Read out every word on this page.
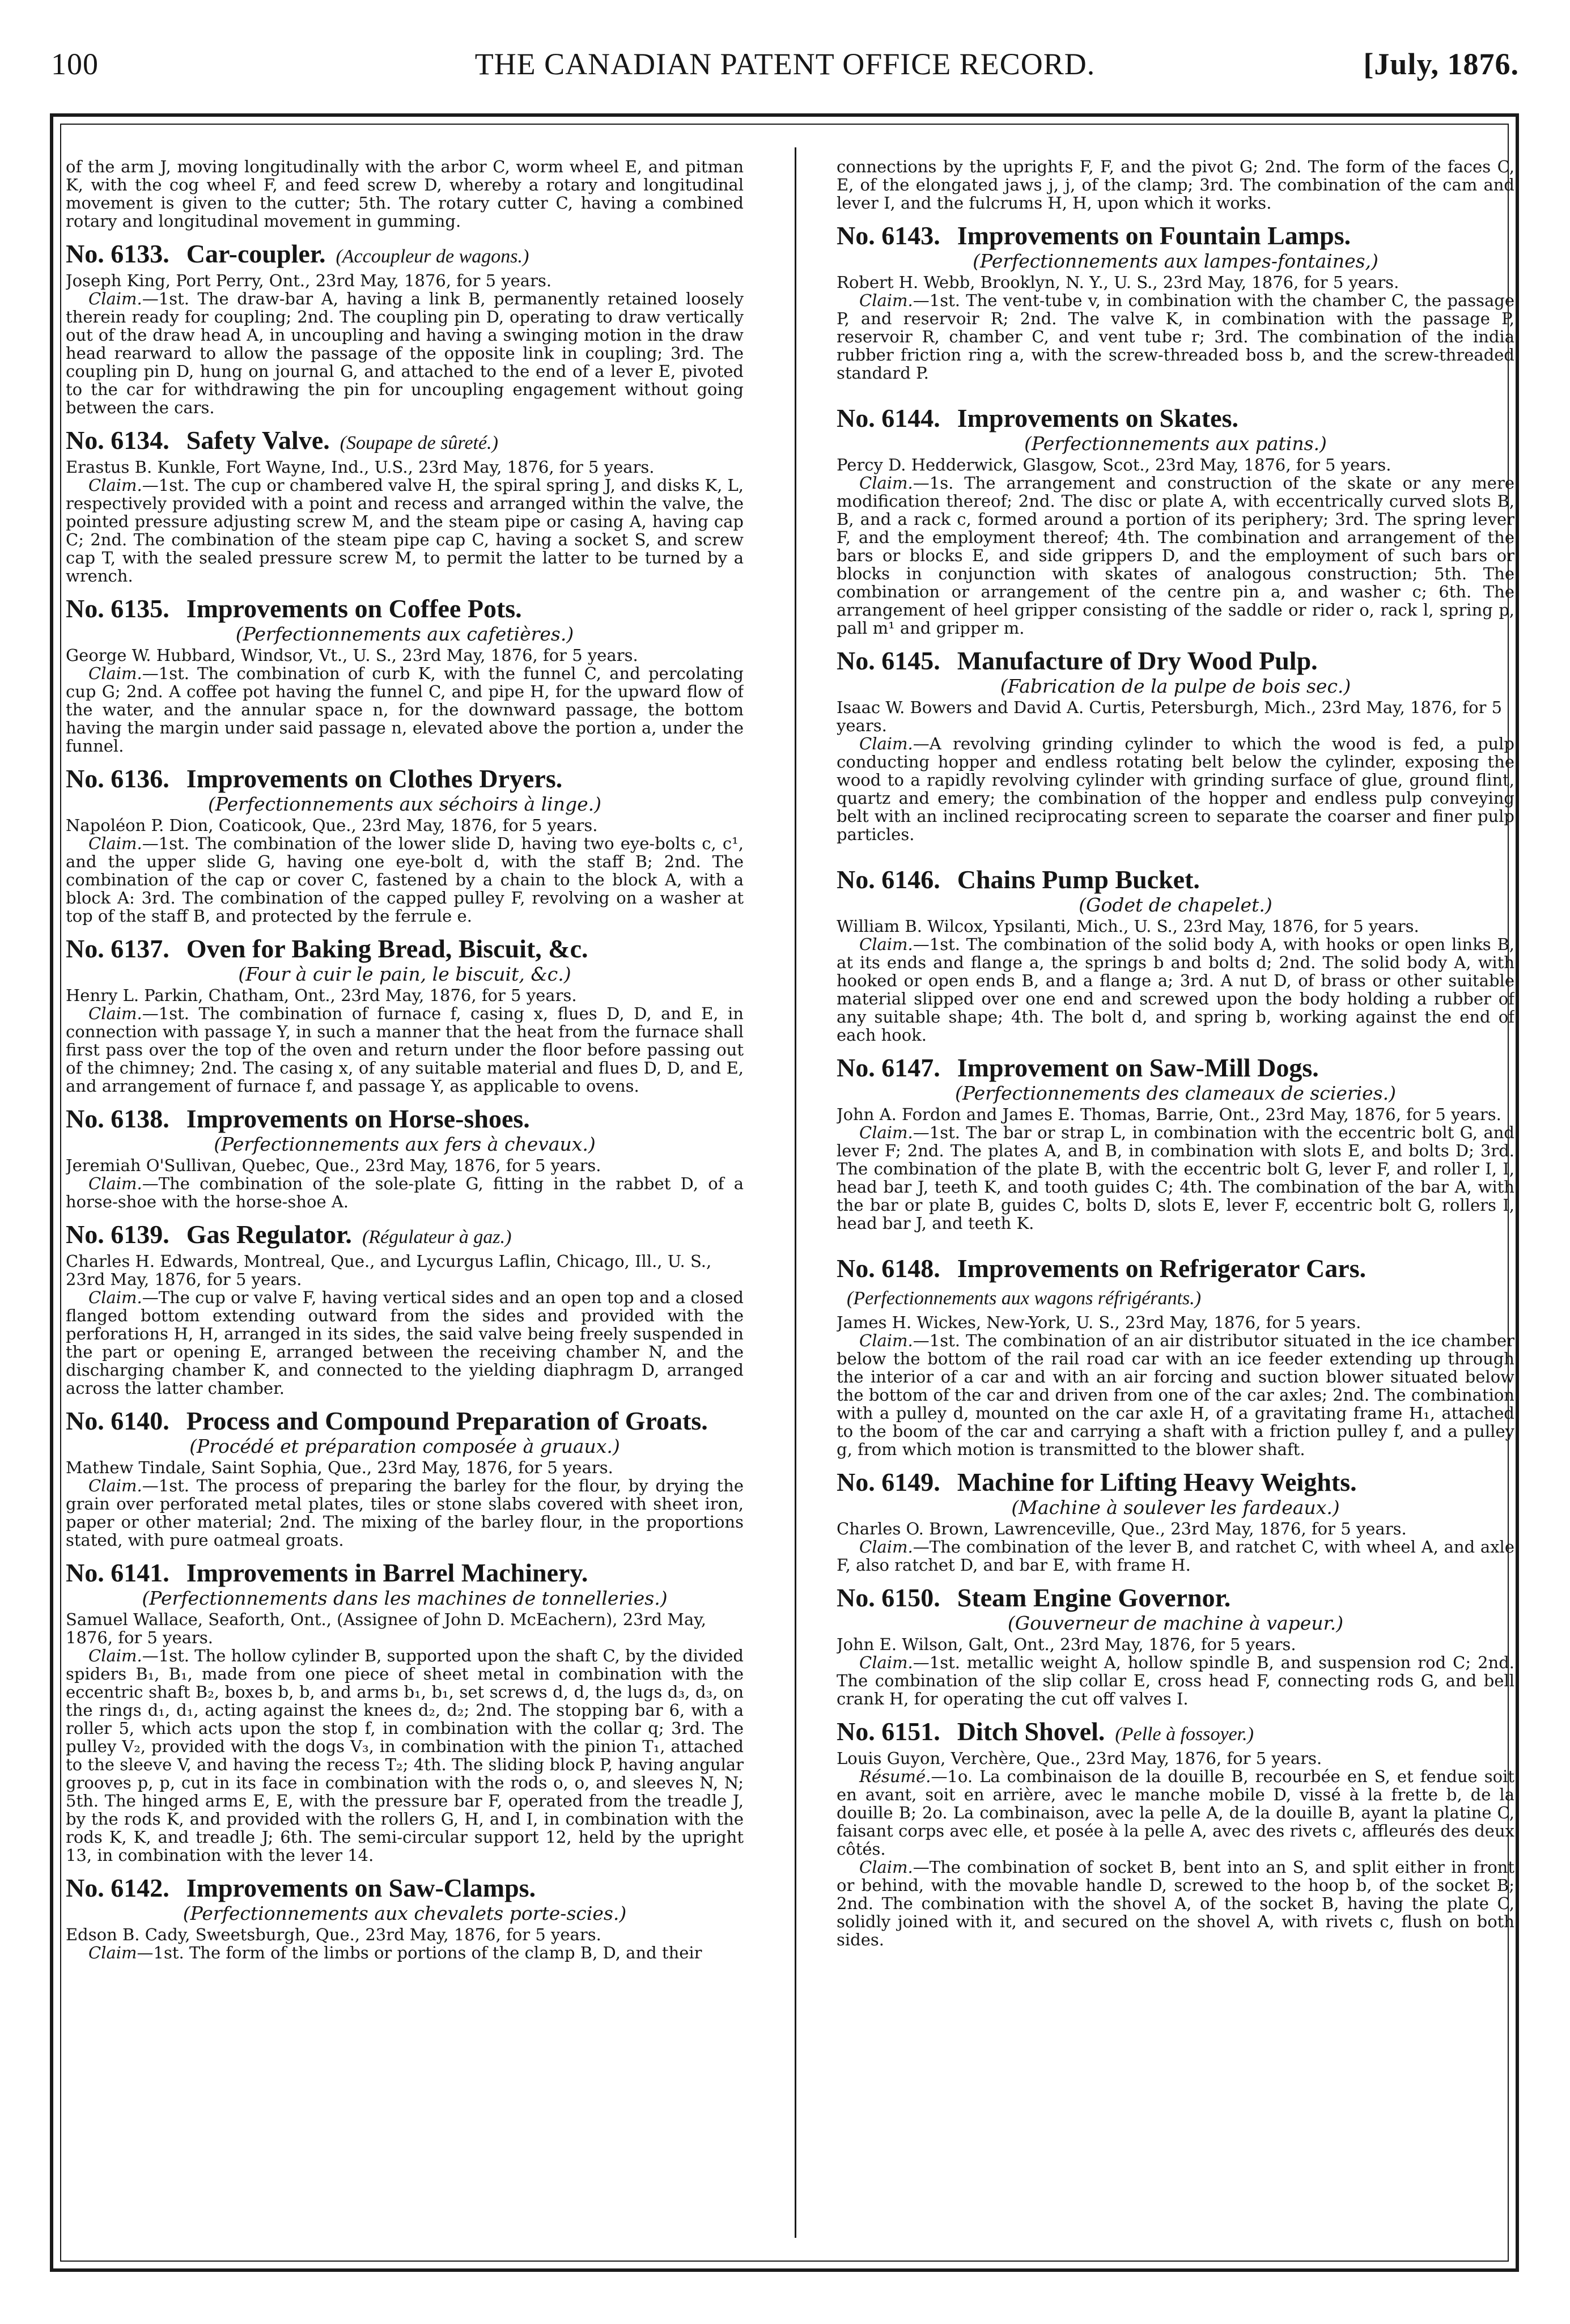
100	THE CANADIAN PATENT OFFICE RECORD.	[July, 1876.

of the arm J, moving longitudinally with the arbor C, worm wheel E, and pitman K, with the cog wheel F, and feed screw D, whereby a rotary and longitudinal movement is given to the cutter; 5th. The rotary cutter C, having a combined rotary and longitudinal movement in gumming.

No. 6133. Car-coupler. (Accoupleur de wagons.)

Joseph King, Port Perry, Ont., 23rd May, 1876, for 5 years.

Claim.—1st. The draw-bar A, having a link B, permanently retained loosely therein ready for coupling; 2nd. The coupling pin D, operating to draw vertically out of the draw head A, in uncoupling and having a swinging motion in the draw head rearward to allow the passage of the opposite link in coupling; 3rd. The coupling pin D, hung on journal G, and attached to the end of a lever E, pivoted to the car for withdrawing the pin for uncoupling engagement without going between the cars.

No. 6134. Safety Valve. (Soupape de sûreté.)

Erastus B. Kunkle, Fort Wayne, Ind., U.S., 23rd May, 1876, for 5 years.

Claim.—1st. The cup or chambered valve H, the spiral spring J, and disks K, L, respectively provided with a point and recess and arranged within the valve, the pointed pressure adjusting screw M, and the steam pipe or casing A, having cap C; 2nd. The combination of the steam pipe cap C, having a socket S, and screw cap T, with the sealed pressure screw M, to permit the latter to be turned by a wrench.

No. 6135. Improvements on Coffee Pots.

(Perfectionnements aux cafetières.)

George W. Hubbard, Windsor, Vt., U. S., 23rd May, 1876, for 5 years.

Claim.—1st. The combination of curb K, with the funnel C, and percolating cup G; 2nd. A coffee pot having the funnel C, and pipe H, for the upward flow of the water, and the annular space n, for the downward passage, the bottom having the margin under said passage n, elevated above the portion a, under the funnel.

No. 6136. Improvements on Clothes Dryers.

(Perfectionnements aux séchoirs à linge.)

Napoléon P. Dion, Coaticook, Que., 23rd May, 1876, for 5 years.

Claim.—1st. The combination of the lower slide D, having two eye-bolts c, c¹, and the upper slide G, having one eye-bolt d, with the staff B; 2nd. The combination of the cap or cover C, fastened by a chain to the block A, with a block A: 3rd. The combination of the capped pulley F, revolving on a washer at top of the staff B, and protected by the ferrule e.

No. 6137. Oven for Baking Bread, Biscuit, &c.

(Four à cuir le pain, le biscuit, &c.)

Henry L. Parkin, Chatham, Ont., 23rd May, 1876, for 5 years.

Claim.—1st. The combination of furnace f, casing x, flues D, D, and E, in connection with passage Y, in such a manner that the heat from the furnace shall first pass over the top of the oven and return under the floor before passing out of the chimney; 2nd. The casing x, of any suitable material and flues D, D, and E, and arrangement of furnace f, and passage Y, as applicable to ovens.

No. 6138. Improvements on Horse-shoes.

(Perfectionnements aux fers à chevaux.)

Jeremiah O'Sullivan, Quebec, Que., 23rd May, 1876, for 5 years.

Claim.—The combination of the sole-plate G, fitting in the rabbet D, of a horse-shoe with the horse-shoe A.

No. 6139. Gas Regulator. (Régulateur à gaz.)

Charles H. Edwards, Montreal, Que., and Lycurgus Laflin, Chicago, Ill., U. S., 23rd May, 1876, for 5 years.

Claim.—The cup or valve F, having vertical sides and an open top and a closed flanged bottom extending outward from the sides and provided with the perforations H, H, arranged in its sides, the said valve being freely suspended in the part or opening E, arranged between the receiving chamber N, and the discharging chamber K, and connected to the yielding diaphragm D, arranged across the latter chamber.

No. 6140. Process and Compound Preparation of Groats.

(Procédé et préparation composée à gruaux.)

Mathew Tindale, Saint Sophia, Que., 23rd May, 1876, for 5 years.

Claim.—1st. The process of preparing the barley for the flour, by drying the grain over perforated metal plates, tiles or stone slabs covered with sheet iron, paper or other material; 2nd. The mixing of the barley flour, in the proportions stated, with pure oatmeal groats.

No. 6141. Improvements in Barrel Machinery.

(Perfectionnements dans les machines de tonnelleries.)

Samuel Wallace, Seaforth, Ont., (Assignee of John D. McEachern), 23rd May, 1876, for 5 years.

Claim.—1st. The hollow cylinder B, supported upon the shaft C, by the divided spiders B₁, B₁, made from one piece of sheet metal in combination with the eccentric shaft B₂, boxes b, b, and arms b₁, b₁, set screws d, d, the lugs d₃, d₃, on the rings d₁, d₁, acting against the knees d₂, d₂; 2nd. The stopping bar 6, with a roller 5, which acts upon the stop f, in combination with the collar q; 3rd. The pulley V₂, provided with the dogs V₃, in combination with the pinion T₁, attached to the sleeve V, and having the recess T₂; 4th. The sliding block P, having angular grooves p, p, cut in its face in combination with the rods o, o, and sleeves N, N; 5th. The hinged arms E, E, with the pressure bar F, operated from the treadle J, by the rods K, and provided with the rollers G, H, and I, in combination with the rods K, K, and treadle J; 6th. The semi-circular support 12, held by the upright 13, in combination with the lever 14.

No. 6142. Improvements on Saw-Clamps.

(Perfectionnements aux chevalets porte-scies.)

Edson B. Cady, Sweetsburgh, Que., 23rd May, 1876, for 5 years.

Claim—1st. The form of the limbs or portions of the clamp B, D, and their

connections by the uprights F, F, and the pivot G; 2nd. The form of the faces C, E, of the elongated jaws j, j, of the clamp; 3rd. The combination of the cam and lever I, and the fulcrums H, H, upon which it works.

No. 6143. Improvements on Fountain Lamps.

(Perfectionnements aux lampes-fontaines,)

Robert H. Webb, Brooklyn, N. Y., U. S., 23rd May, 1876, for 5 years.

Claim.—1st. The vent-tube v, in combination with the chamber C, the passage P, and reservoir R; 2nd. The valve K, in combination with the passage P, reservoir R, chamber C, and vent tube r; 3rd. The combination of the india rubber friction ring a, with the screw-threaded boss b, and the screw-threaded standard P.

No. 6144. Improvements on Skates.

(Perfectionnements aux patins.)

Percy D. Hedderwick, Glasgow, Scot., 23rd May, 1876, for 5 years.

Claim.—1s. The arrangement and construction of the skate or any mere modification thereof; 2nd. The disc or plate A, with eccentrically curved slots B, B, and a rack c, formed around a portion of its periphery; 3rd. The spring lever F, and the employment thereof; 4th. The combination and arrangement of the bars or blocks E, and side grippers D, and the employment of such bars or blocks in conjunction with skates of analogous construction; 5th. The combination or arrangement of the centre pin a, and washer c; 6th. The arrangement of heel gripper consisting of the saddle or rider o, rack l, spring p, pall m¹ and gripper m.

No. 6145. Manufacture of Dry Wood Pulp.

(Fabrication de la pulpe de bois sec.)

Isaac W. Bowers and David A. Curtis, Petersburgh, Mich., 23rd May, 1876, for 5 years.

Claim.—A revolving grinding cylinder to which the wood is fed, a pulp conducting hopper and endless rotating belt below the cylinder, exposing the wood to a rapidly revolving cylinder with grinding surface of glue, ground flint, quartz and emery; the combination of the hopper and endless pulp conveying belt with an inclined reciprocating screen to separate the coarser and finer pulp particles.

No. 6146. Chains Pump Bucket.

(Godet de chapelet.)

William B. Wilcox, Ypsilanti, Mich., U. S., 23rd May, 1876, for 5 years.

Claim.—1st. The combination of the solid body A, with hooks or open links B, at its ends and flange a, the springs b and bolts d; 2nd. The solid body A, with hooked or open ends B, and a flange a; 3rd. A nut D, of brass or other suitable material slipped over one end and screwed upon the body holding a rubber of any suitable shape; 4th. The bolt d, and spring b, working against the end of each hook.

No. 6147. Improvement on Saw-Mill Dogs.

(Perfectionnements des clameaux de scieries.)

John A. Fordon and James E. Thomas, Barrie, Ont., 23rd May, 1876, for 5 years.

Claim.—1st. The bar or strap L, in combination with the eccentric bolt G, and lever F; 2nd. The plates A, and B, in combination with slots E, and bolts D; 3rd. The combination of the plate B, with the eccentric bolt G, lever F, and roller I, I, head bar J, teeth K, and tooth guides C; 4th. The combination of the bar A, with the bar or plate B, guides C, bolts D, slots E, lever F, eccentric bolt G, rollers I, head bar J, and teeth K.

No. 6148. Improvements on Refrigerator Cars.(Perfectionnements aux wagons réfrigérants.)

James H. Wickes, New-York, U. S., 23rd May, 1876, for 5 years.

Claim.—1st. The combination of an air distributor situated in the ice chamber below the bottom of the rail road car with an ice feeder extending up through the interior of a car and with an air forcing and suction blower situated below the bottom of the car and driven from one of the car axles; 2nd. The combination with a pulley d, mounted on the car axle H, of a gravitating frame H₁, attached to the boom of the car and carrying a shaft with a friction pulley f, and a pulley g, from which motion is transmitted to the blower shaft.

No. 6149. Machine for Lifting Heavy Weights.

(Machine à soulever les fardeaux.)

Charles O. Brown, Lawrenceville, Que., 23rd May, 1876, for 5 years.

Claim.—The combination of the lever B, and ratchet C, with wheel A, and axle F, also ratchet D, and bar E, with frame H.

No. 6150. Steam Engine Governor.

(Gouverneur de machine à vapeur.)

John E. Wilson, Galt, Ont., 23rd May, 1876, for 5 years.

Claim.—1st. metallic weight A, hollow spindle B, and suspension rod C; 2nd. The combination of the slip collar E, cross head F, connecting rods G, and bell crank H, for operating the cut off valves I.

No. 6151. Ditch Shovel. (Pelle à fossoyer.)

Louis Guyon, Verchère, Que., 23rd May, 1876, for 5 years.

Résumé.—1o. La combinaison de la douille B, recourbée en S, et fendue soit en avant, soit en arrière, avec le manche mobile D, vissé à la frette b, de la douille B; 2o. La combinaison, avec la pelle A, de la douille B, ayant la platine C, faisant corps avec elle, et posée à la pelle A, avec des rivets c, affleurés des deux côtés.

Claim.—The combination of socket B, bent into an S, and split either in front or behind, with the movable handle D, screwed to the hoop b, of the socket B; 2nd. The combination with the shovel A, of the socket B, having the plate C, solidly joined with it, and secured on the shovel A, with rivets c, flush on both sides.
